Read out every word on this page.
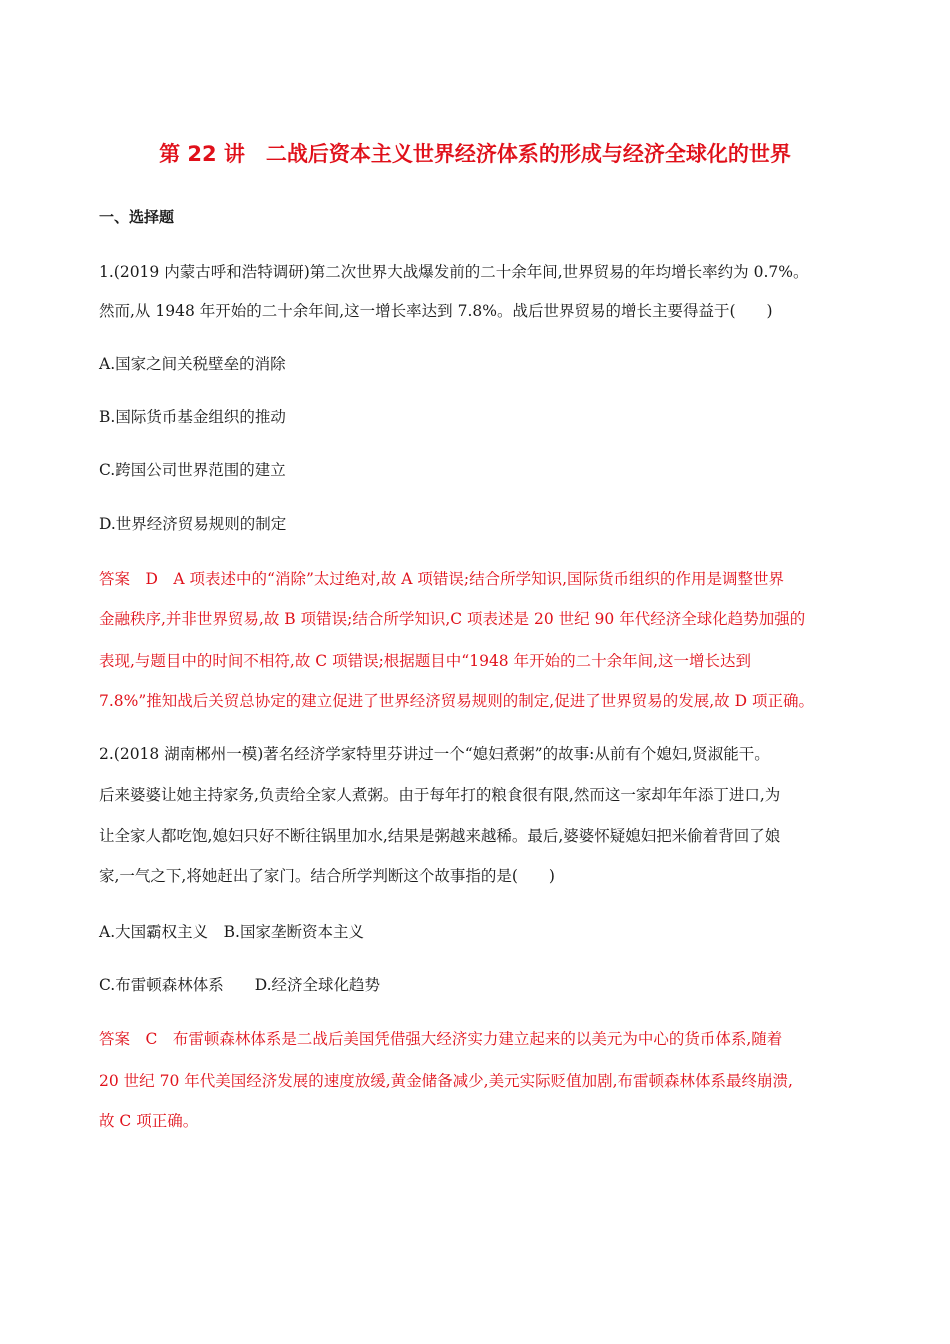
第 22 讲　二战后资本主义世界经济体系的形成与经济全球化的世界
一、选择题
1.(2019 内蒙古呼和浩特调研)第二次世界大战爆发前的二十余年间,世界贸易的年均增长率约为 0.7%。
然而,从 1948 年开始的二十余年间,这一增长率达到 7.8%。战后世界贸易的增长主要得益于(　　)
A.国家之间关税壁垒的消除
B.国际货币基金组织的推动
C.跨国公司世界范围的建立
D.世界经济贸易规则的制定
答案　D　A 项表述中的“消除”太过绝对,故 A 项错误;结合所学知识,国际货币组织的作用是调整世界
金融秩序,并非世界贸易,故 B 项错误;结合所学知识,C 项表述是 20 世纪 90 年代经济全球化趋势加强的
表现,与题目中的时间不相符,故 C 项错误;根据题目中“1948 年开始的二十余年间,这一增长达到
7.8%”推知战后关贸总协定的建立促进了世界经济贸易规则的制定,促进了世界贸易的发展,故 D 项正确。
2.(2018 湖南郴州一模)著名经济学家特里芬讲过一个“媳妇煮粥”的故事:从前有个媳妇,贤淑能干。
后来婆婆让她主持家务,负责给全家人煮粥。由于每年打的粮食很有限,然而这一家却年年添丁进口,为
让全家人都吃饱,媳妇只好不断往锅里加水,结果是粥越来越稀。最后,婆婆怀疑媳妇把米偷着背回了娘
家,一气之下,将她赶出了家门。结合所学判断这个故事指的是(　　)
A.大国霸权主义　B.国家垄断资本主义
C.布雷顿森林体系　　D.经济全球化趋势
答案　C　布雷顿森林体系是二战后美国凭借强大经济实力建立起来的以美元为中心的货币体系,随着
20 世纪 70 年代美国经济发展的速度放缓,黄金储备减少,美元实际贬值加剧,布雷顿森林体系最终崩溃,
故 C 项正确。
